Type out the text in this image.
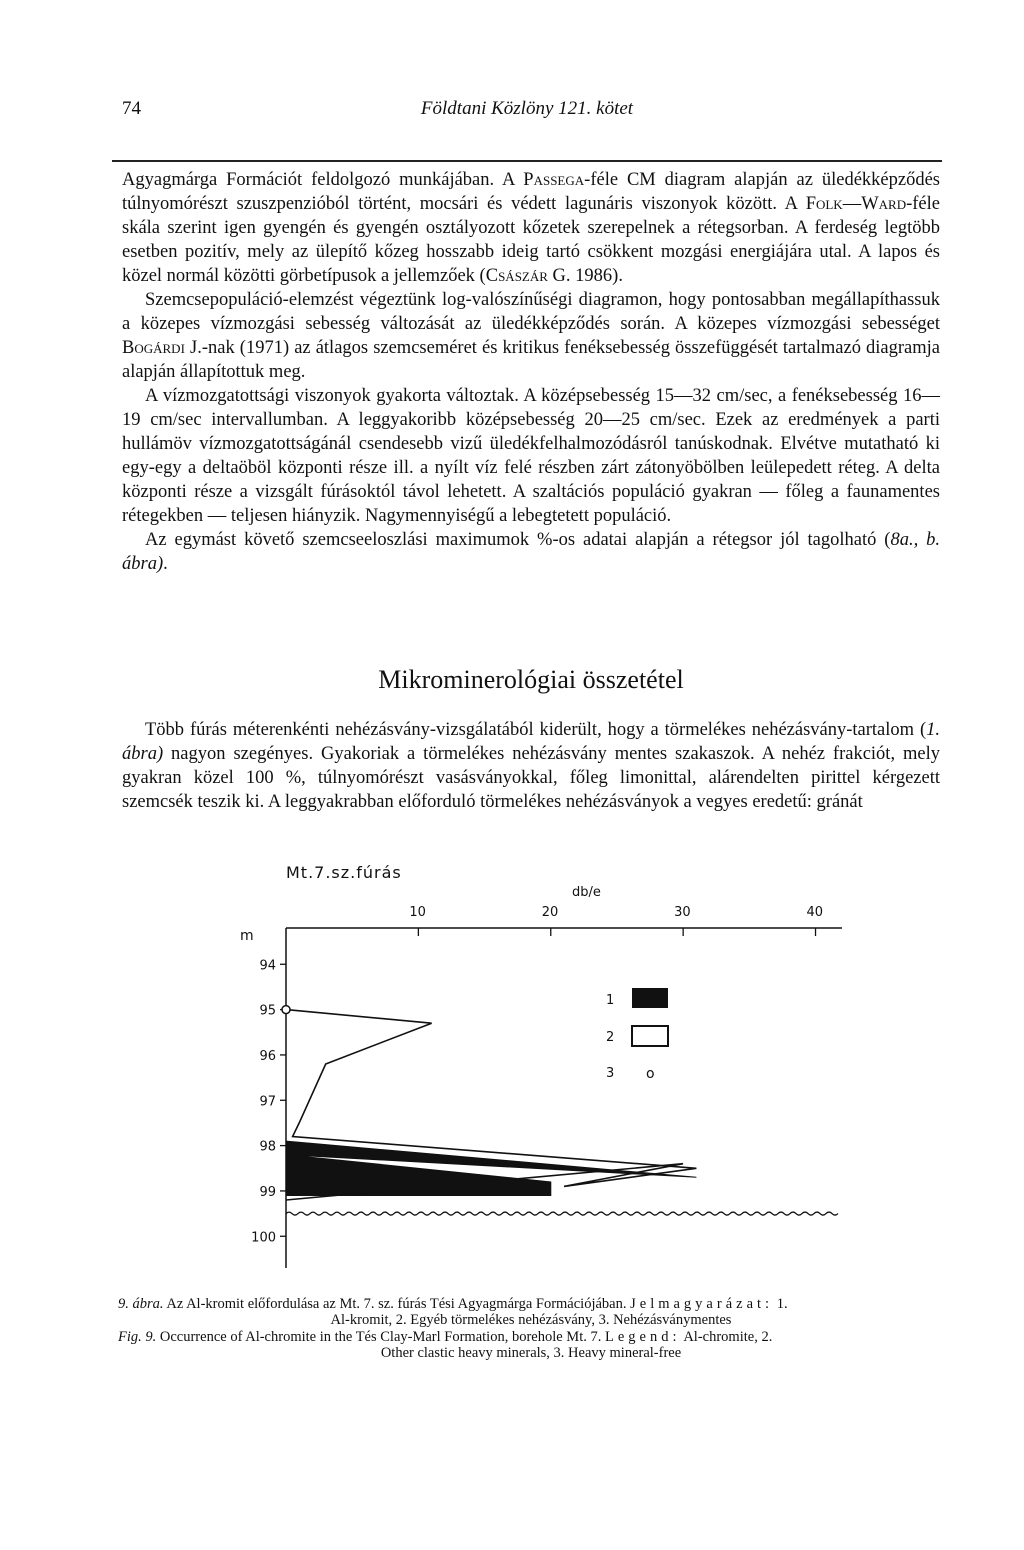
74	Földtani Közlöny 121. kötet

Agyagmárga Formációt feldolgozó munkájában. A Passega-féle CM diagram alapján az üledékképződés túlnyomórészt szuszpenzióból történt, mocsári és védett lagunáris viszonyok között. A Folk—Ward-féle skála szerint igen gyengén és gyengén osztályozott kőzetek szerepelnek a rétegsorban. A ferdeség legtöbb esetben pozitív, mely az ülepítő kőzeg hosszabb ideig tartó csökkent mozgási energiájára utal. A lapos és közel normál közötti görbetípusok a jellemzőek (Császár G. 1986).

Szemcsepopuláció-elemzést végeztünk log-valószínűségi diagramon, hogy pontosabban megállapíthassuk a közepes vízmozgási sebesség változását az üledékképződés során. A közepes vízmozgási sebességet Bogárdi J.-nak (1971) az átlagos szemcseméret és kritikus fenéksebesség összefüggését tartalmazó diagramja alapján állapítottuk meg.

A vízmozgatottsági viszonyok gyakorta változtak. A középsebesség 15—32 cm/sec, a fenéksebesség 16—19 cm/sec intervallumban. A leggyakoribb középsebesség 20—25 cm/sec. Ezek az eredmények a parti hullámöv vízmozgatottságánál csendesebb vizű üledékfelhalmozódásról tanúskodnak. Elvétve mutatható ki egy-egy a deltaöböl központi része ill. a nyílt víz felé részben zárt zátonyöbölben leülepedett réteg. A delta központi része a vizsgált fúrásoktól távol lehetett. A szaltációs populáció gyakran — főleg a faunamentes rétegekben — teljesen hiányzik. Nagymennyiségű a lebegtetett populáció.

Az egymást követő szemcseeloszlási maximumok %-os adatai alapján a rétegsor jól tagolható (8a., b. ábra).

Mikrominerológiai összetétel

Több fúrás méterenkénti nehézásvány-vizsgálatából kiderült, hogy a törmelékes nehézásvány-tartalom (1. ábra) nagyon szegényes. Gyakoriak a törmelékes nehézásvány mentes szakaszok. A nehéz frakciót, mely gyakran közel 100 %, túlnyomórészt vasásványokkal, főleg limonittal, alárendelten pirittel kérgezett szemcsék teszik ki. A leggyakrabban előforduló törmelékes nehézásványok a vegyes eredetű: gránát

Mt.7.sz.fúrás
db/e
m
10	20	30	40
94
95
96
97
98
99
100
1
2
3 o

9. ábra. Az Al-kromit előfordulása az Mt. 7. sz. fúrás Tési Agyagmárga Formációjában. Jelmagyarázat: 1.
Al-kromit, 2. Egyéb törmelékes nehézásvány, 3. Nehézásványmentes

Fig. 9. Occurrence of Al-chromite in the Tés Clay-Marl Formation, borehole Mt. 7. Legend: Al-chromite, 2.
Other clastic heavy minerals, 3. Heavy mineral-free
